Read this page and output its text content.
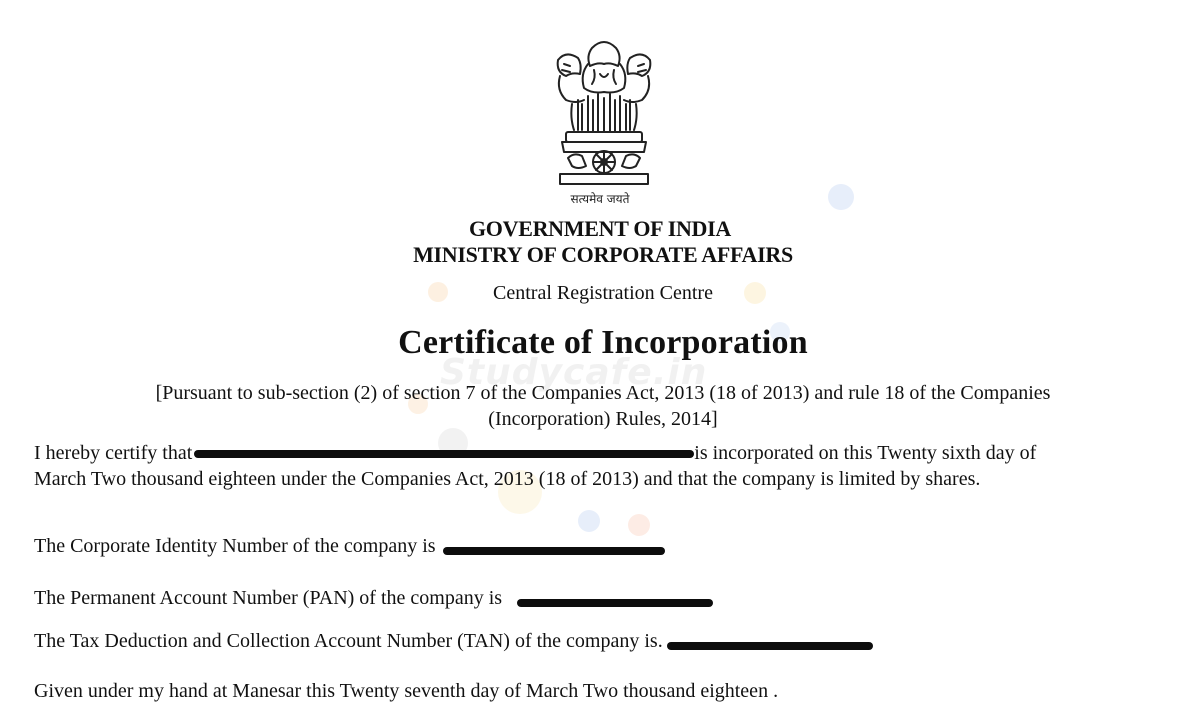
Studycafe.in
सत्यमेव जयते
GOVERNMENT OF INDIA
MINISTRY OF CORPORATE AFFAIRS
Central Registration Centre
Certificate of Incorporation
[Pursuant to sub-section (2) of section 7 of the Companies Act, 2013 (18 of 2013) and rule 18 of the Companies
(Incorporation) Rules, 2014]
I hereby certify that	is incorporated on this Twenty sixth day of
March Two thousand eighteen under the Companies Act, 2013 (18 of 2013) and that the company is limited by shares.
The Corporate Identity Number of the company is
The Permanent Account Number (PAN) of the company is
The Tax Deduction and Collection Account Number (TAN) of the company is.
Given under my hand at Manesar this Twenty seventh day of March Two thousand eighteen .
